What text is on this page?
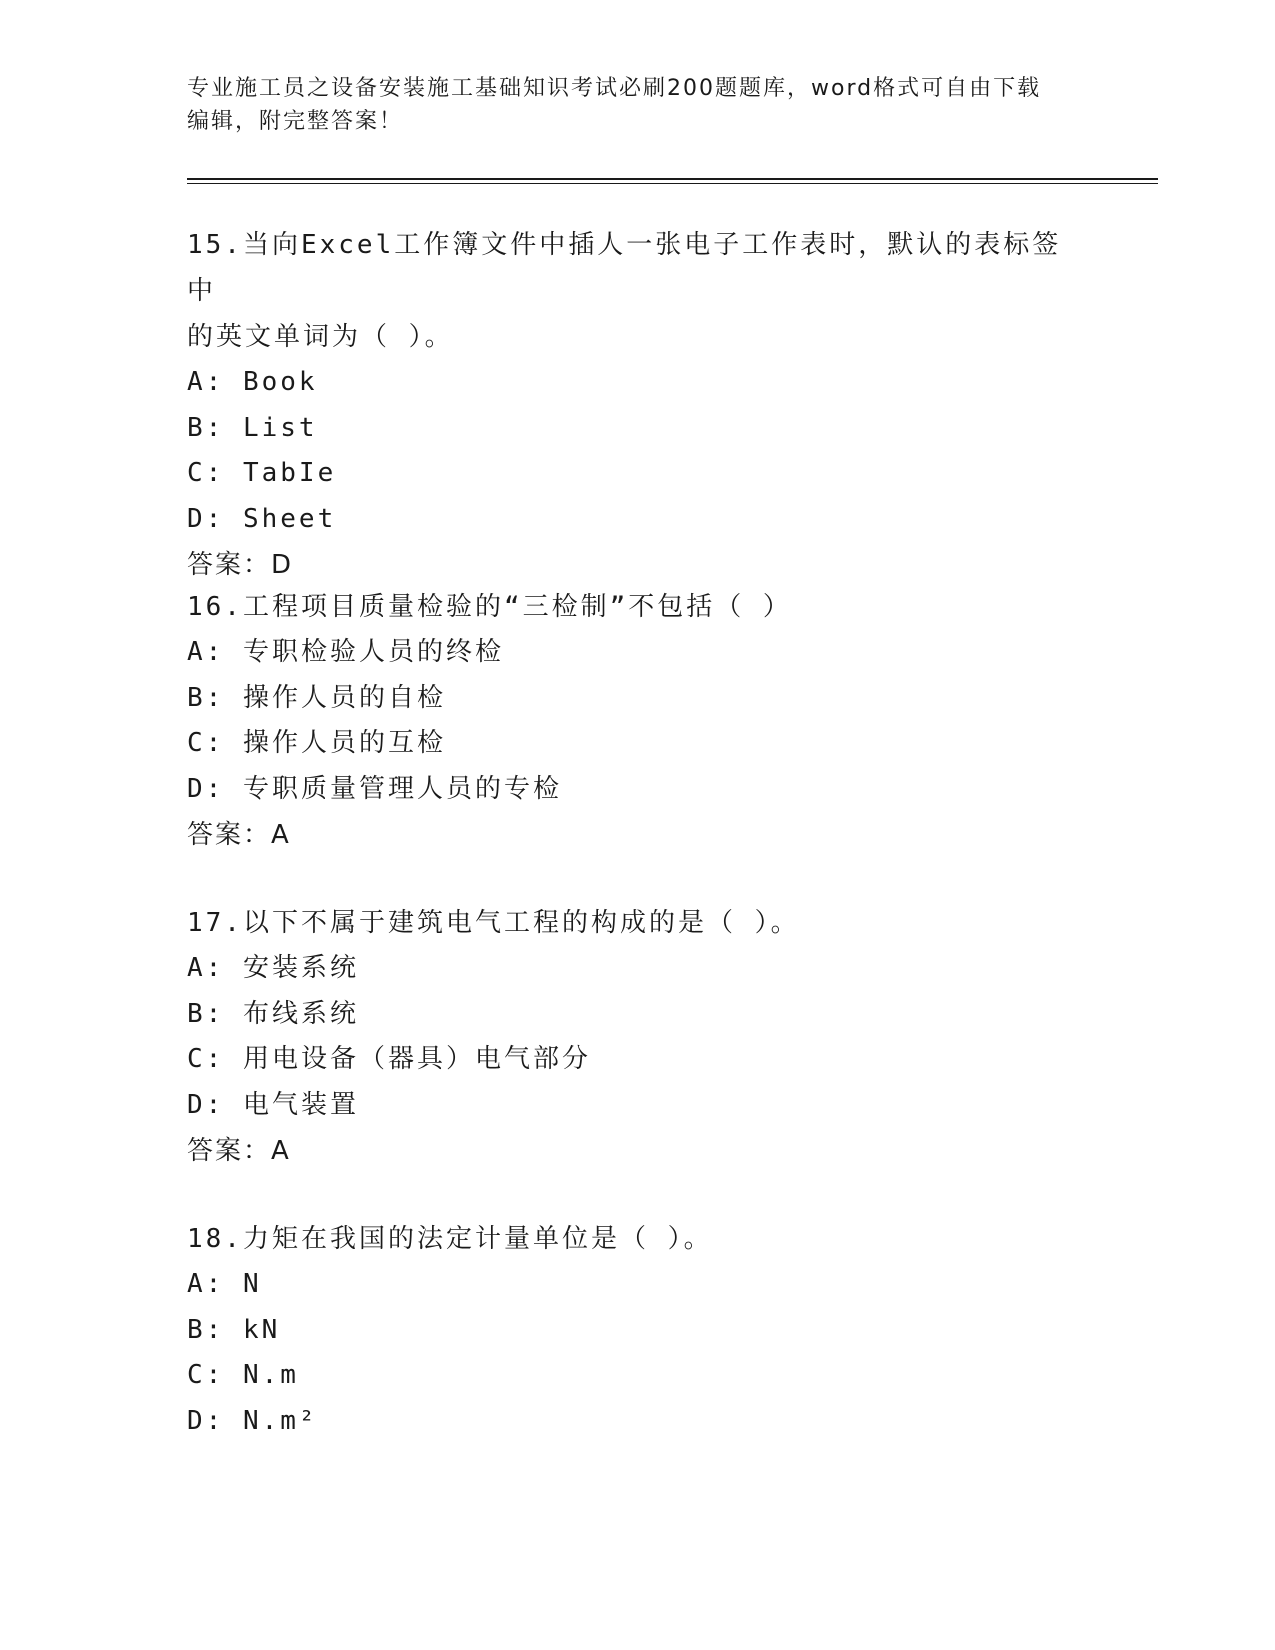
专业施工员之设备安装施工基础知识考试必刷200题题库，word格式可自由下载
编辑，附完整答案！
15.当向Excel工作簿文件中插人一张电子工作表时，默认的表标签中
的英文单词为（ ）。
A: Book
B: List
C: TabIe
D: Sheet
答案：D
16.工程项目质量检验的“三检制”不包括（ ）
A: 专职检验人员的终检
B: 操作人员的自检
C: 操作人员的互检
D: 专职质量管理人员的专检
答案：A
17.以下不属于建筑电气工程的构成的是（ ）。
A: 安装系统
B: 布线系统
C: 用电设备（器具）电气部分
D: 电气装置
答案：A
18.力矩在我国的法定计量单位是（ ）。
A: N
B: kN
C: N.m
D: N.m²
